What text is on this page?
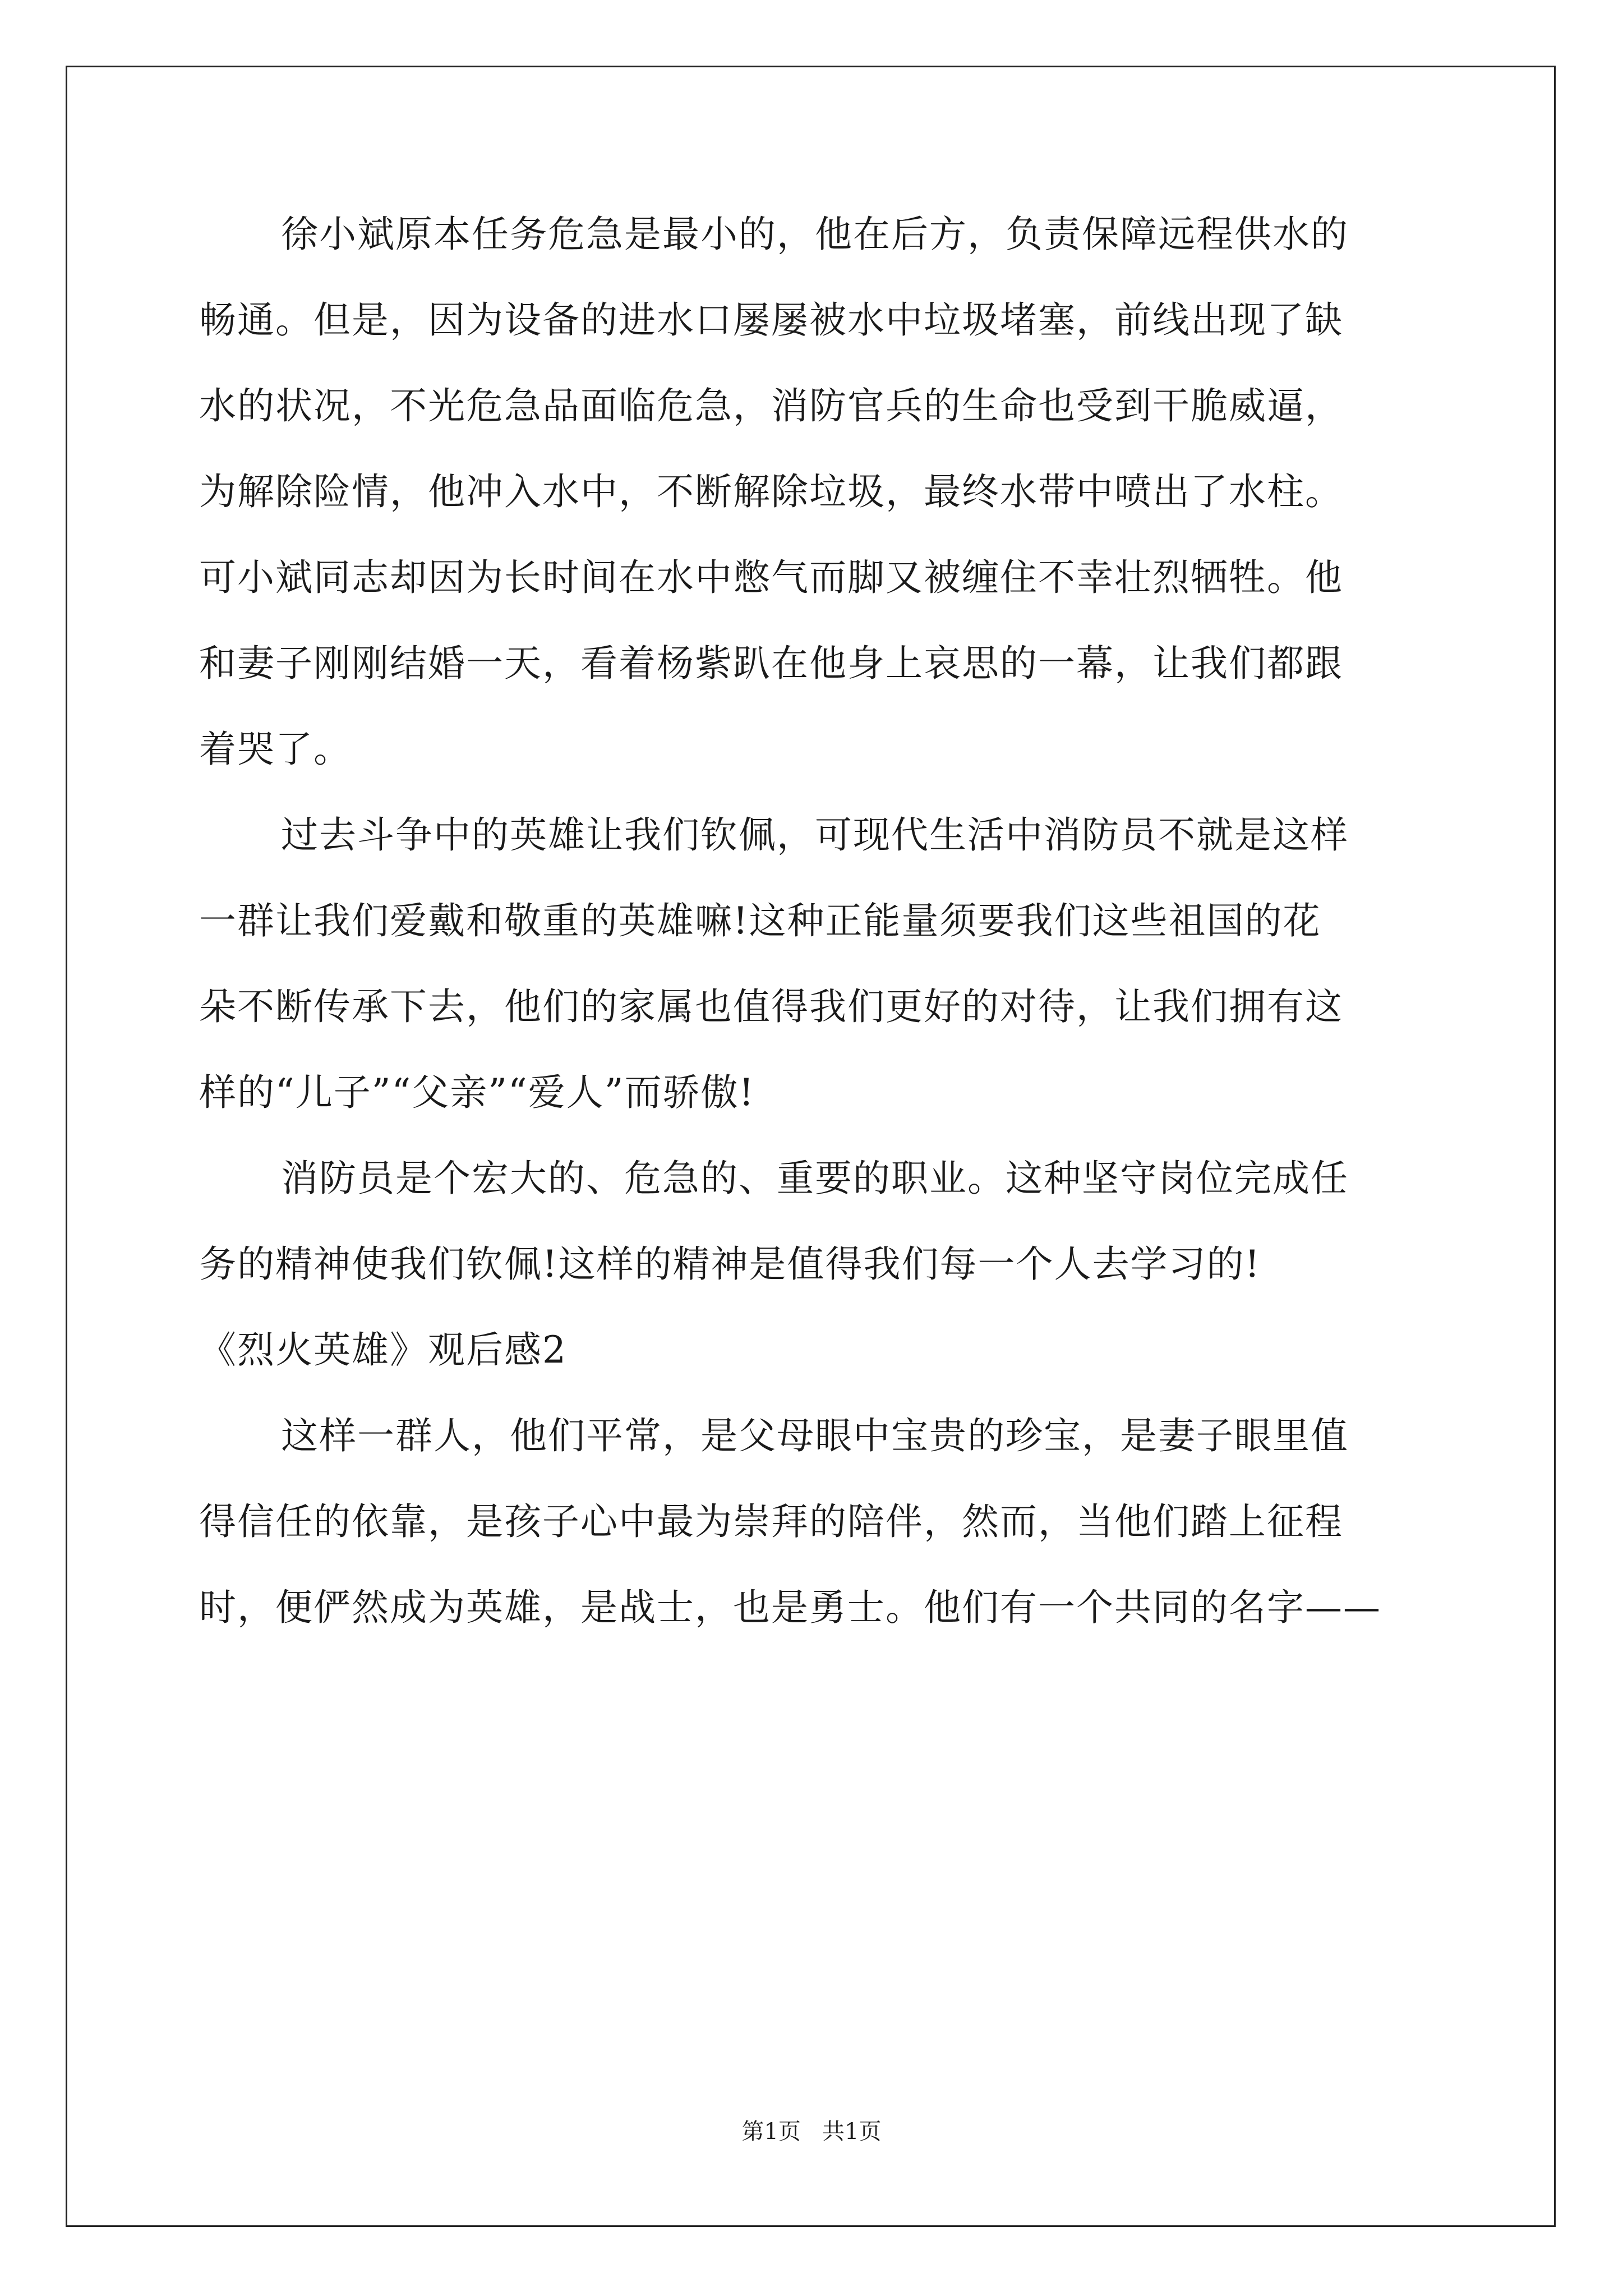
徐小斌原本任务危急是最小的，他在后方，负责保障远程供水的
畅通。但是，因为设备的进水口屡屡被水中垃圾堵塞，前线出现了缺
水的状况，不光危急品面临危急，消防官兵的生命也受到干脆威逼，
为解除险情，他冲入水中，不断解除垃圾，最终水带中喷出了水柱。
可小斌同志却因为长时间在水中憋气而脚又被缠住不幸壮烈牺牲。他
和妻子刚刚结婚一天，看着杨紫趴在他身上哀思的一幕，让我们都跟
着哭了。
过去斗争中的英雄让我们钦佩，可现代生活中消防员不就是这样
一群让我们爱戴和敬重的英雄嘛!这种正能量须要我们这些祖国的花
朵不断传承下去，他们的家属也值得我们更好的对待，让我们拥有这
样的“儿子”“父亲”“爱人”而骄傲!
消防员是个宏大的、危急的、重要的职业。这种坚守岗位完成任
务的精神使我们钦佩!这样的精神是值得我们每一个人去学习的!
《烈火英雄》观后感2
这样一群人，他们平常，是父母眼中宝贵的珍宝，是妻子眼里值
得信任的依靠，是孩子心中最为崇拜的陪伴，然而，当他们踏上征程
时，便俨然成为英雄，是战士，也是勇士。他们有一个共同的名字——
第1页   共1页
